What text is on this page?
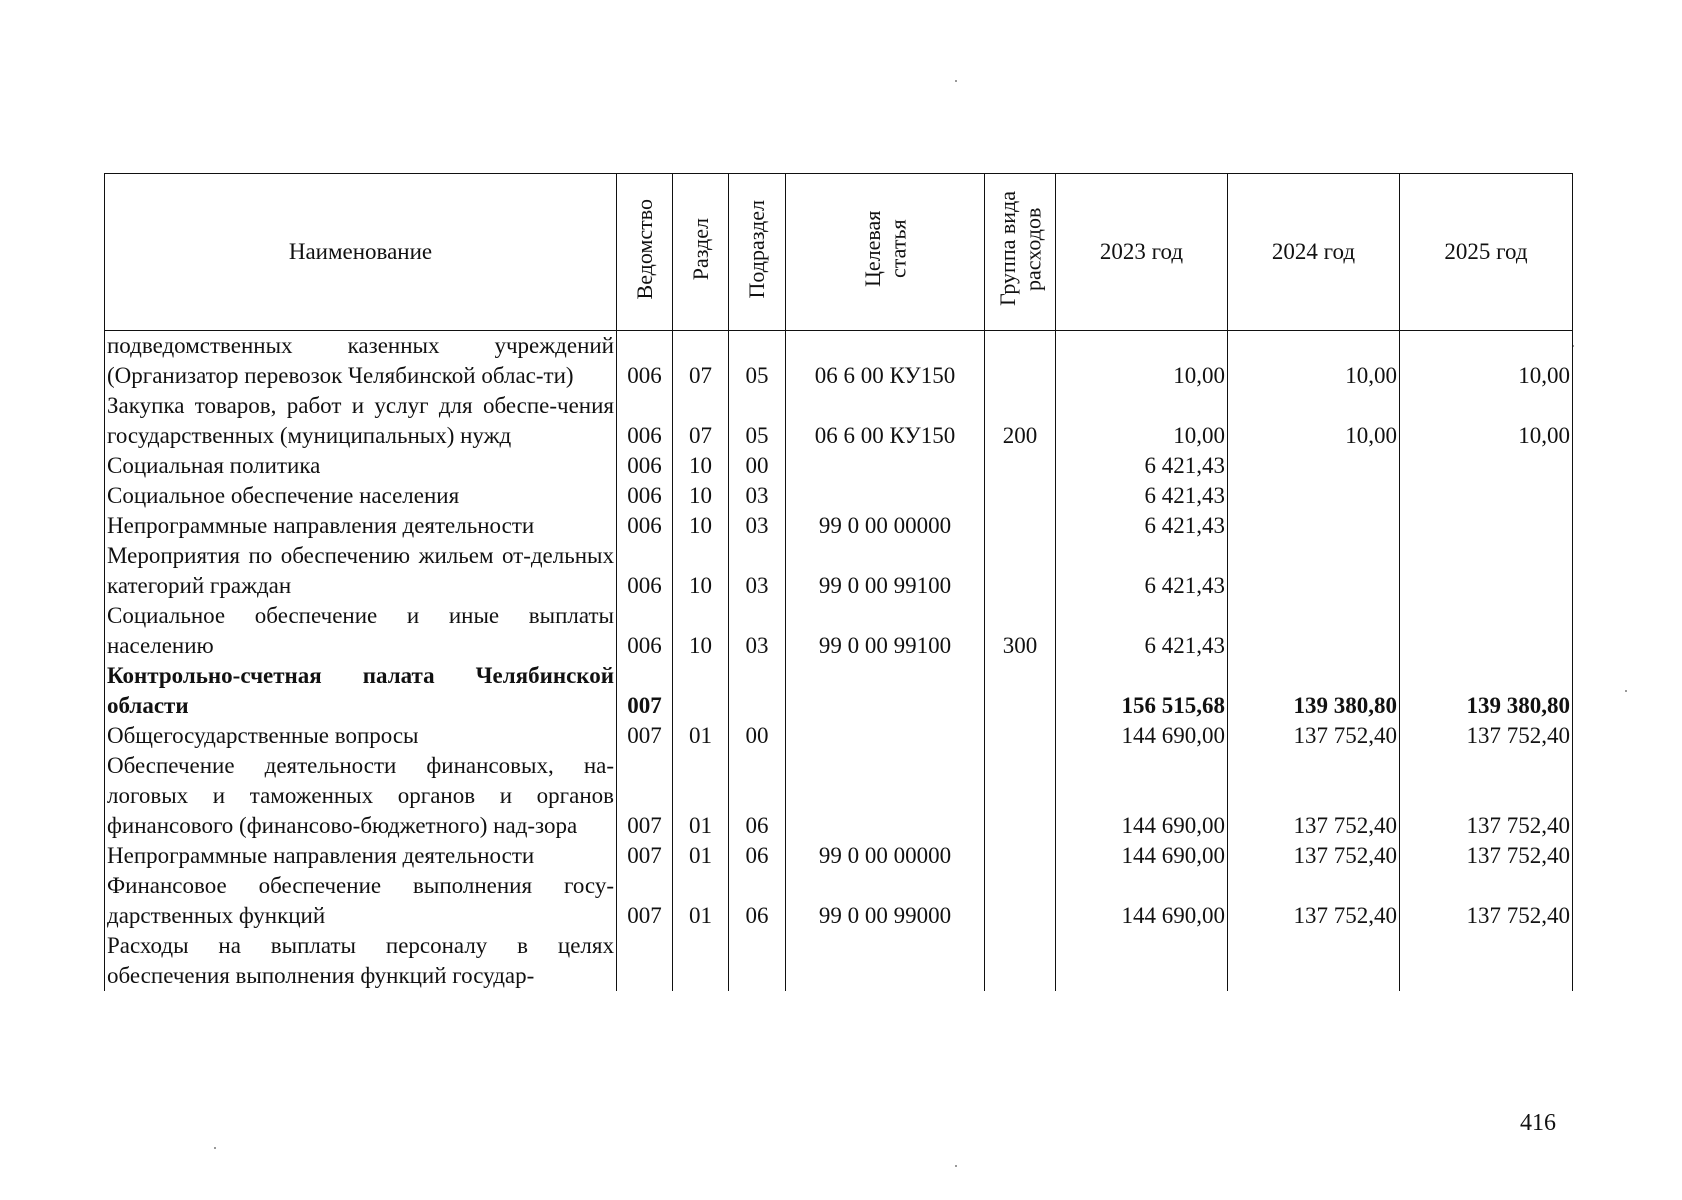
Наименование	Ведомство	Раздел	Подраздел	Целевая статья	Группа вида расходов	2023 год	2024 год	2025 год
подведомственных казенных учреждений (Организатор перевозок Челябинской облас-ти)	006	07	05	06 6 00 КУ150		10,00	10,00	10,00
Закупка товаров, работ и услуг для обеспе-чения государственных (муниципальных) нужд	006	07	05	06 6 00 КУ150	200	10,00	10,00	10,00
Социальная политика	006	10	00			6 421,43		
Социальное обеспечение населения	006	10	03			6 421,43		
Непрограммные направления деятельности	006	10	03	99 0 00 00000		6 421,43		
Мероприятия по обеспечению жильем от-дельных категорий граждан	006	10	03	99 0 00 99100		6 421,43		
Социальное обеспечение и иные выплаты населению	006	10	03	99 0 00 99100	300	6 421,43		
Контрольно-счетная палата Челябинской области	007					156 515,68	139 380,80	139 380,80
Общегосударственные вопросы	007	01	00			144 690,00	137 752,40	137 752,40
Обеспечение деятельности финансовых, на-логовых и таможенных органов и органов финансового (финансово-бюджетного) над-зора	007	01	06			144 690,00	137 752,40	137 752,40
Непрограммные направления деятельности	007	01	06	99 0 00 00000		144 690,00	137 752,40	137 752,40
Финансовое обеспечение выполнения госу-дарственных функций	007	01	06	99 0 00 99000		144 690,00	137 752,40	137 752,40
Расходы на выплаты персоналу в целях обеспечения выполнения функций государ-								
416
